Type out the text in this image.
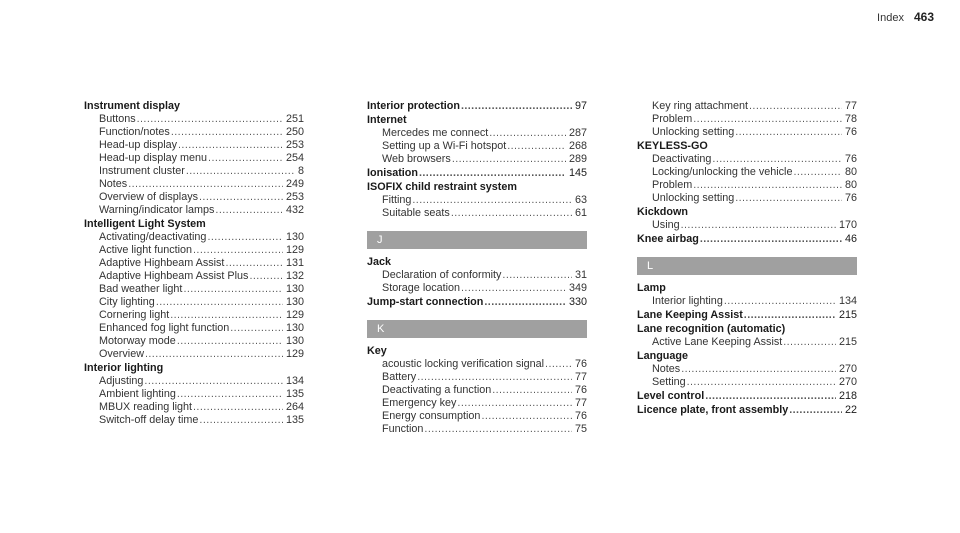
Index 463
Instrument display
Buttons .....	251
Function/notes .....	250
Head-up display .....	253
Head-up display menu .....	254
Instrument cluster .....	8
Notes .....	249
Overview of displays .....	253
Warning/indicator lamps .....	432
Intelligent Light System
Activating/deactivating .....	130
Active light function .....	129
Adaptive Highbeam Assist .....	131
Adaptive Highbeam Assist Plus .....	132
Bad weather light .....	130
City lighting .....	130
Cornering light .....	129
Enhanced fog light function .....	130
Motorway mode .....	130
Overview .....	129
Interior lighting
Adjusting .....	134
Ambient lighting .....	135
MBUX reading light .....	264
Switch-off delay time .....	135
Interior protection .....	97
Internet
Mercedes me connect .....	287
Setting up a Wi-Fi hotspot .....	268
Web browsers .....	289
Ionisation .....	145
ISOFIX child restraint system
Fitting .....	63
Suitable seats .....	61
J
Jack
Declaration of conformity .....	31
Storage location .....	349
Jump-start connection .....	330
K
Key
acoustic locking verification signal .....	76
Battery .....	77
Deactivating a function .....	76
Emergency key .....	77
Energy consumption .....	76
Function .....	75
Key ring attachment .....	77
Problem .....	78
Unlocking setting .....	76
KEYLESS-GO
Deactivating .....	76
Locking/unlocking the vehicle .....	80
Problem .....	80
Unlocking setting .....	76
Kickdown
Using .....	170
Knee airbag .....	46
L
Lamp
Interior lighting .....	134
Lane Keeping Assist .....	215
Lane recognition (automatic)
Active Lane Keeping Assist .....	215
Language
Notes .....	270
Setting .....	270
Level control .....	218
Licence plate, front assembly .....	22
